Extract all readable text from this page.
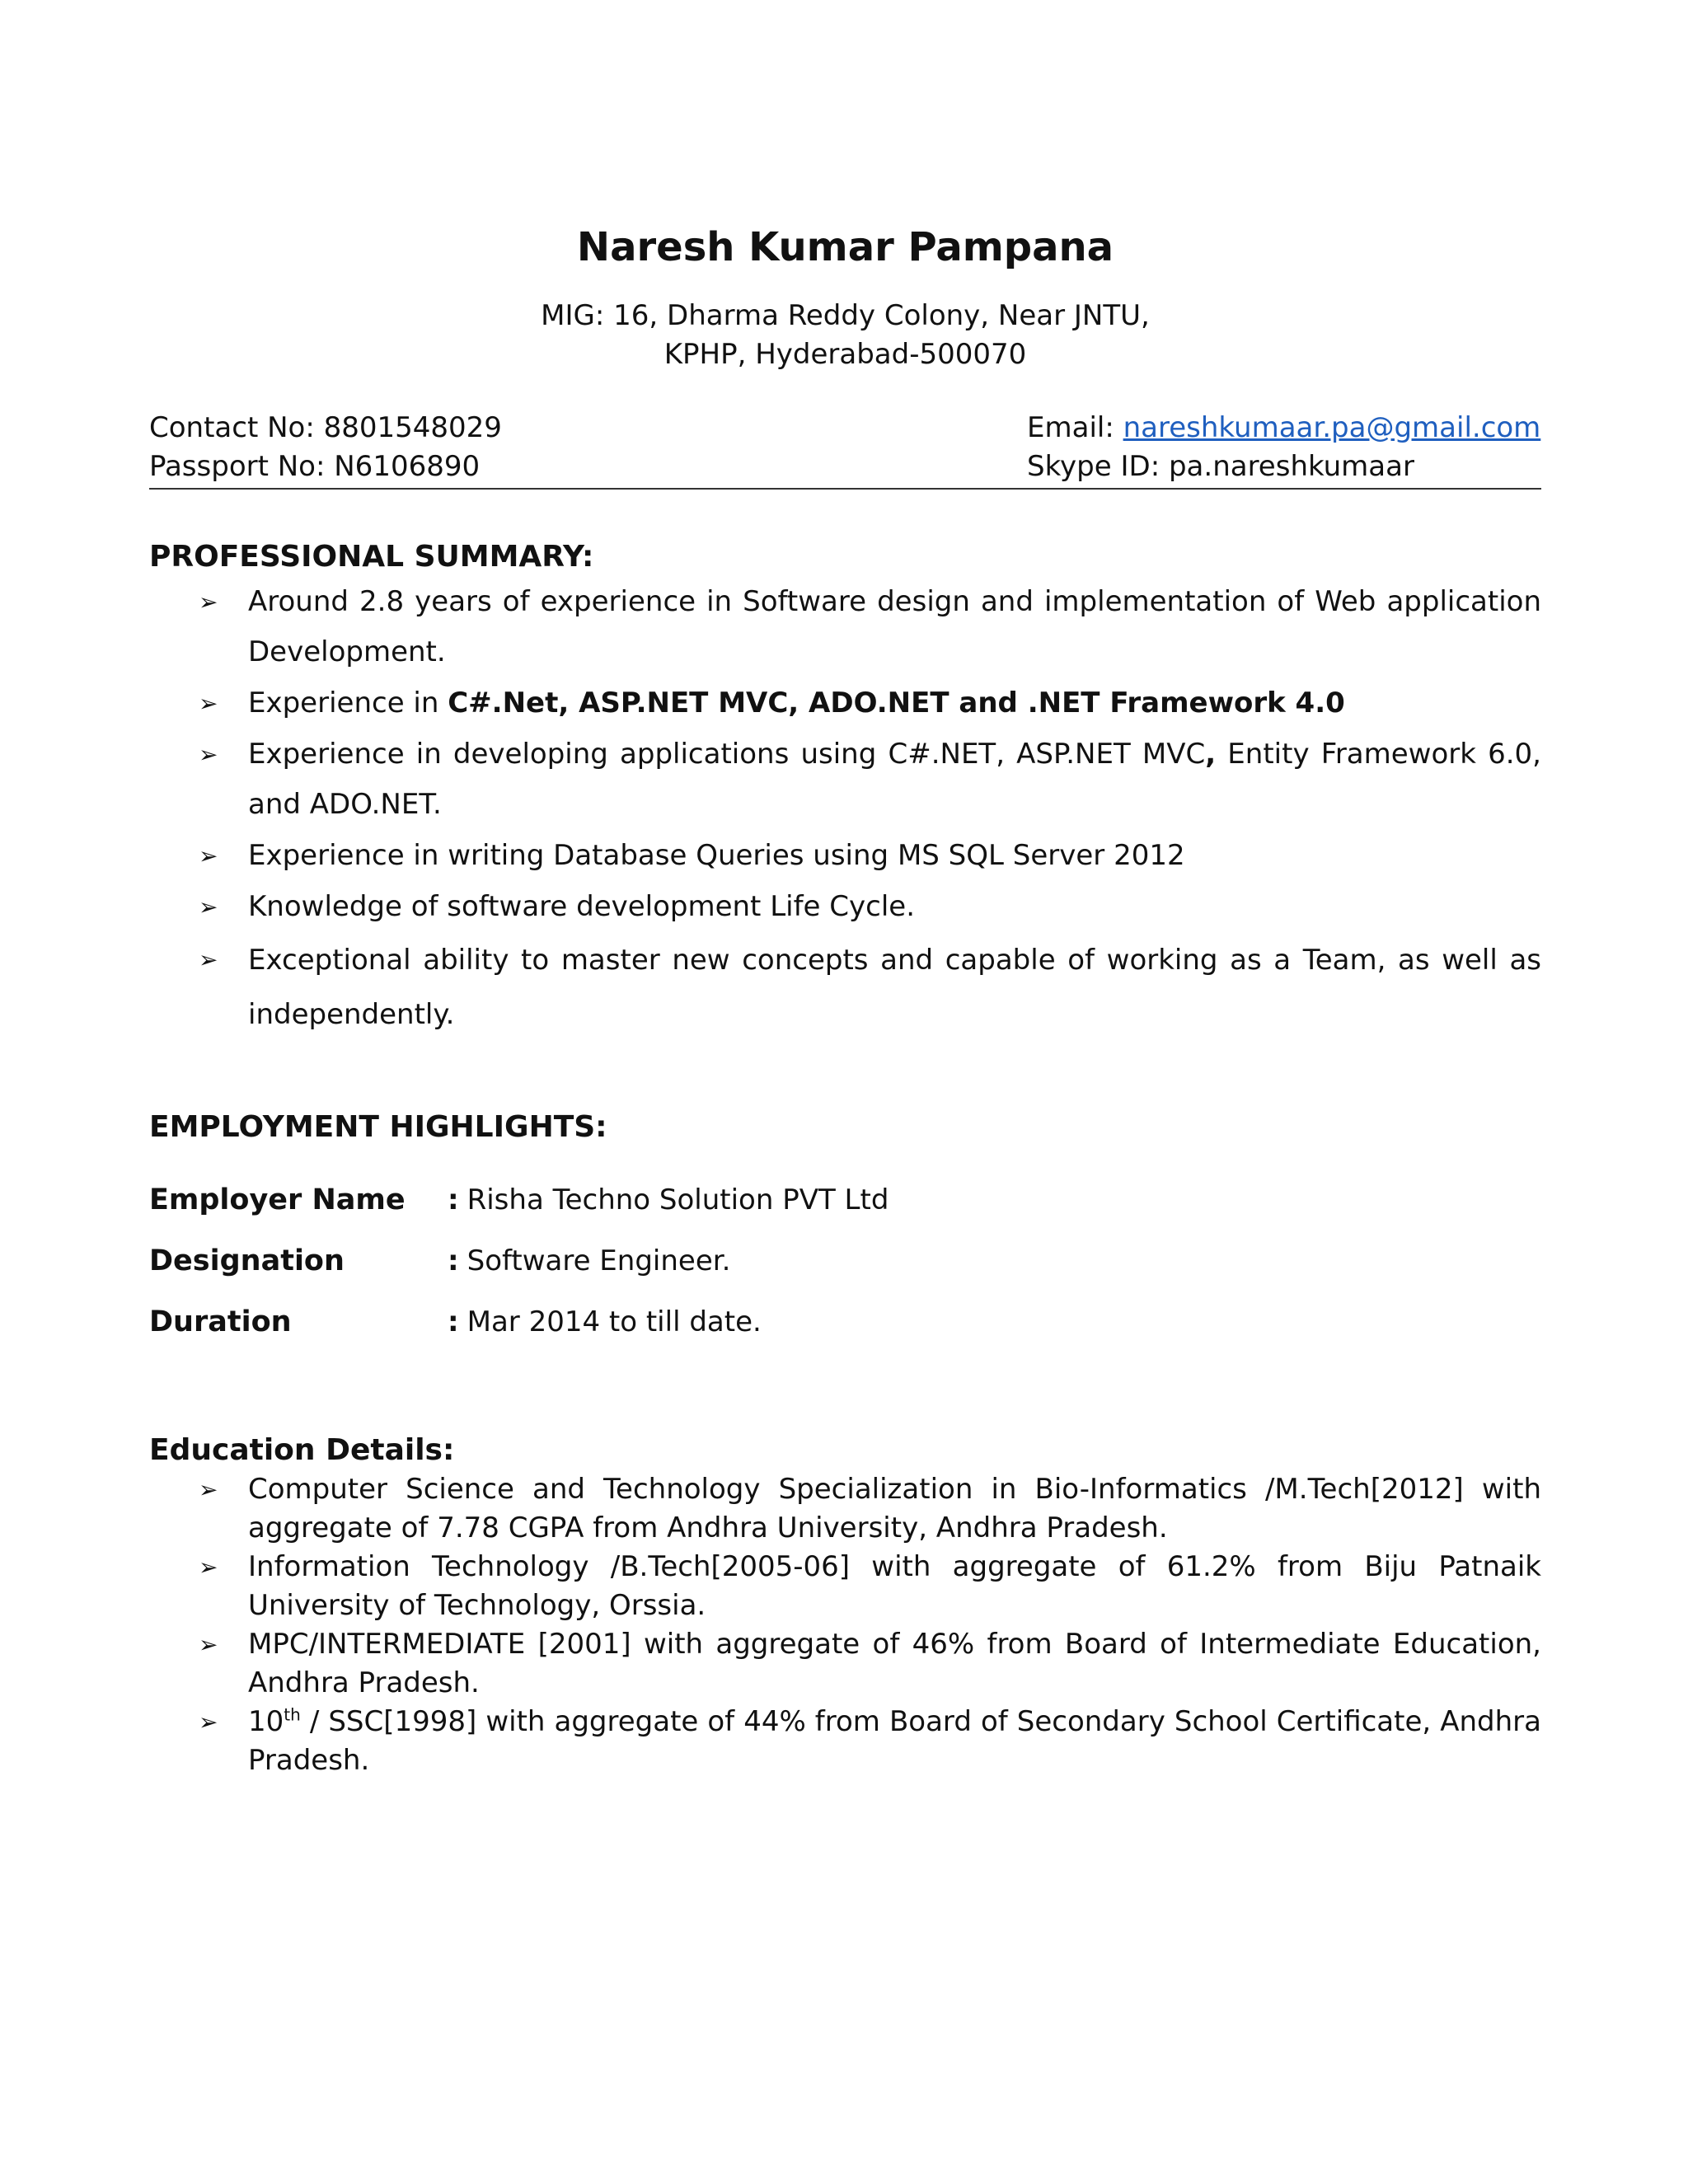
Naresh Kumar Pampana
MIG: 16, Dharma Reddy Colony, Near JNTU,
KPHP, Hyderabad-500070
Contact No: 8801548029
Passport No: N6106890
Email: nareshkumaar.pa@gmail.com
Skype ID: pa.nareshkumaar
PROFESSIONAL SUMMARY:
➢ Around 2.8 years of experience in Software design and implementation of Web application Development.
➢ Experience in C#.Net, ASP.NET MVC, ADO.NET and .NET Framework 4.0
➢ Experience in developing applications using C#.NET, ASP.NET MVC, Entity Framework 6.0, and ADO.NET.
➢ Experience in writing Database Queries using MS SQL Server 2012
➢ Knowledge of software development Life Cycle.
➢ Exceptional ability to master new concepts and capable of working as a Team, as well as independently.
EMPLOYMENT HIGHLIGHTS:
Employer Name : Risha Techno Solution PVT Ltd
Designation	: Software Engineer.
Duration	: Mar 2014 to till date.
Education Details:
➢ Computer Science and Technology Specialization in Bio-Informatics /M.Tech[2012] with aggregate of 7.78 CGPA from Andhra University, Andhra Pradesh.
➢ Information Technology /B.Tech[2005-06] with aggregate of 61.2% from Biju Patnaik University of Technology, Orssia.
➢ MPC/INTERMEDIATE [2001] with aggregate of 46% from Board of Intermediate Education, Andhra Pradesh.
➢ 10th / SSC[1998] with aggregate of 44% from Board of Secondary School Certificate, Andhra Pradesh.
